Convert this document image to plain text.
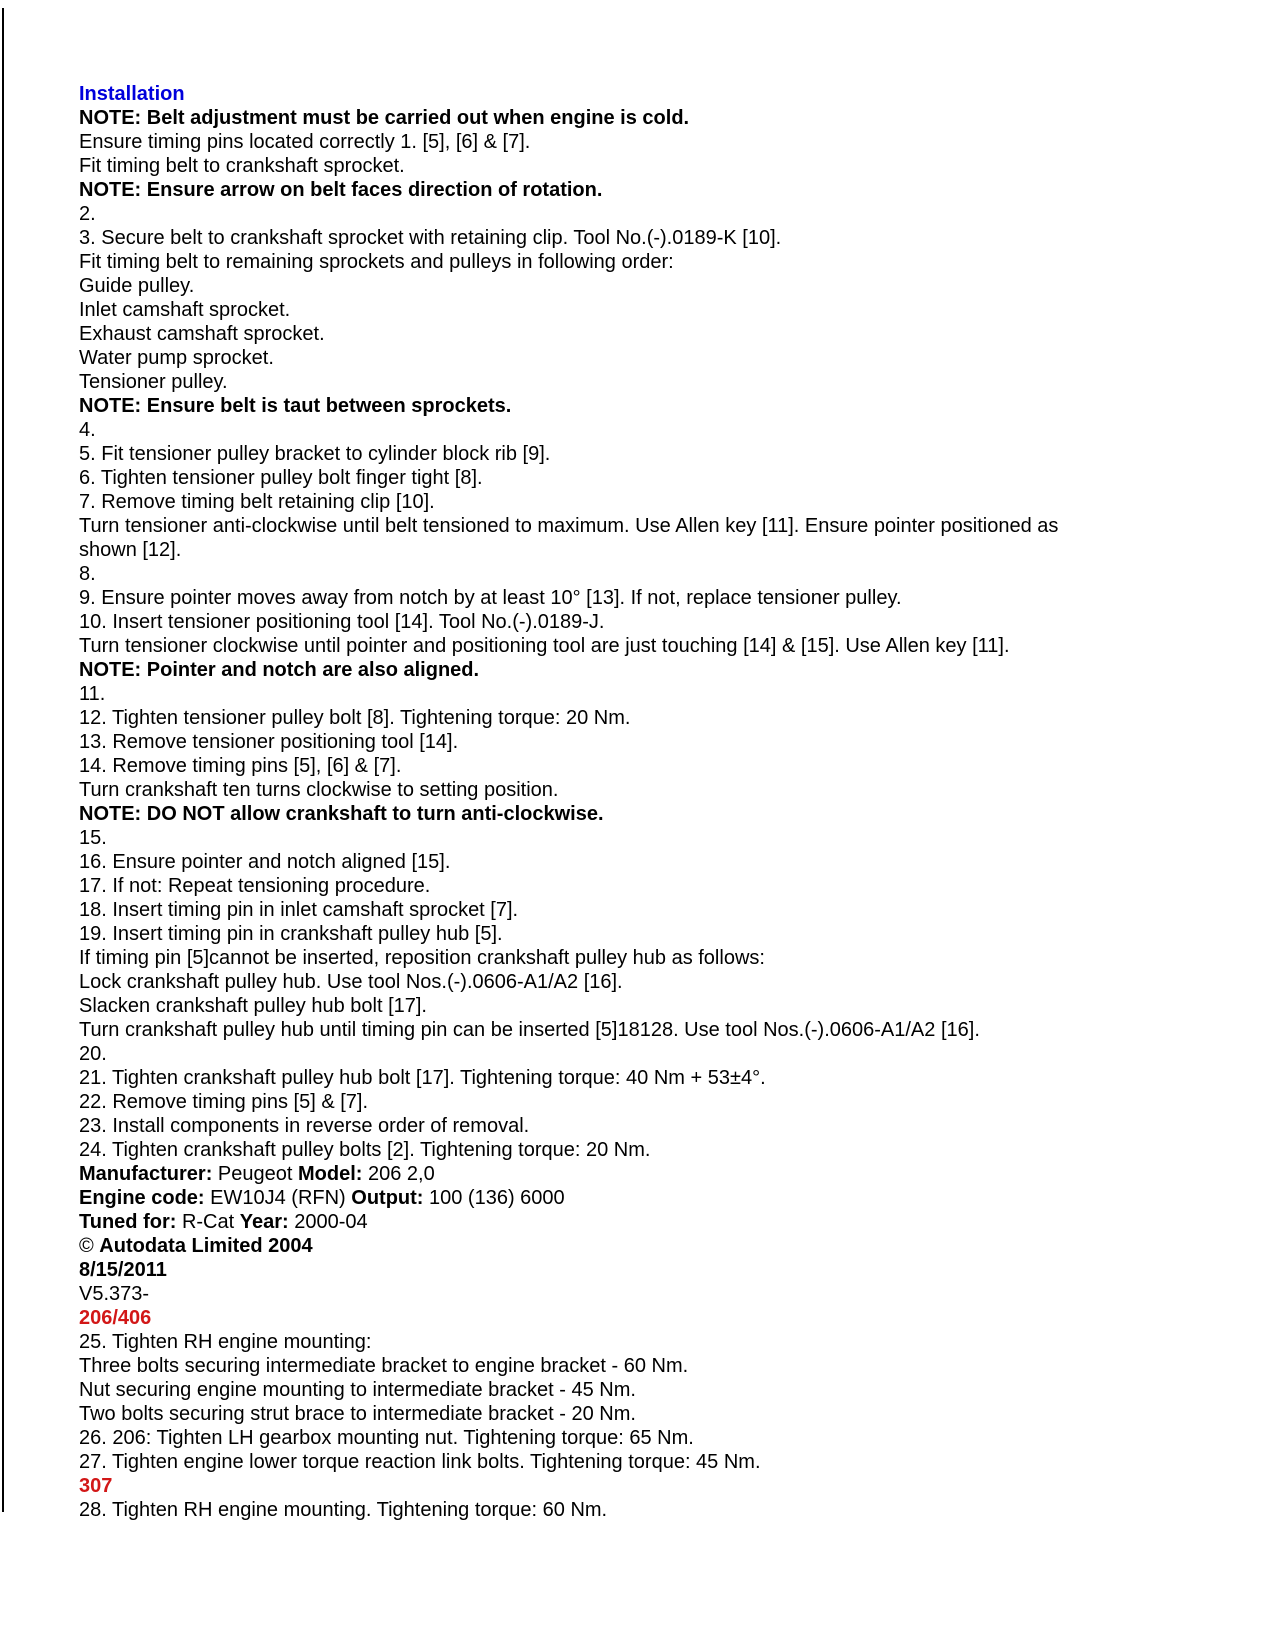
Installation
NOTE: Belt adjustment must be carried out when engine is cold.
Ensure timing pins located correctly 1. [5], [6] & [7].
Fit timing belt to crankshaft sprocket.
NOTE: Ensure arrow on belt faces direction of rotation.
2.
3. Secure belt to crankshaft sprocket with retaining clip. Tool No.(-).0189-K [10].
Fit timing belt to remaining sprockets and pulleys in following order:
Guide pulley.
Inlet camshaft sprocket.
Exhaust camshaft sprocket.
Water pump sprocket.
Tensioner pulley.
NOTE: Ensure belt is taut between sprockets.
4.
5. Fit tensioner pulley bracket to cylinder block rib [9].
6. Tighten tensioner pulley bolt finger tight [8].
7. Remove timing belt retaining clip [10].
Turn tensioner anti-clockwise until belt tensioned to maximum. Use Allen key [11]. Ensure pointer positioned as
shown [12].
8.
9. Ensure pointer moves away from notch by at least 10° [13]. If not, replace tensioner pulley.
10. Insert tensioner positioning tool [14]. Tool No.(-).0189-J.
Turn tensioner clockwise until pointer and positioning tool are just touching [14] & [15]. Use Allen key [11].
NOTE: Pointer and notch are also aligned.
11.
12. Tighten tensioner pulley bolt [8]. Tightening torque: 20 Nm.
13. Remove tensioner positioning tool [14].
14. Remove timing pins [5], [6] & [7].
Turn crankshaft ten turns clockwise to setting position.
NOTE: DO NOT allow crankshaft to turn anti-clockwise.
15.
16. Ensure pointer and notch aligned [15].
17. If not: Repeat tensioning procedure.
18. Insert timing pin in inlet camshaft sprocket [7].
19. Insert timing pin in crankshaft pulley hub [5].
If timing pin [5]cannot be inserted, reposition crankshaft pulley hub as follows:
Lock crankshaft pulley hub. Use tool Nos.(-).0606-A1/A2 [16].
Slacken crankshaft pulley hub bolt [17].
Turn crankshaft pulley hub until timing pin can be inserted [5]18128. Use tool Nos.(-).0606-A1/A2 [16].
20.
21. Tighten crankshaft pulley hub bolt [17]. Tightening torque: 40 Nm + 53±4°.
22. Remove timing pins [5] & [7].
23. Install components in reverse order of removal.
24. Tighten crankshaft pulley bolts [2]. Tightening torque: 20 Nm.
Manufacturer: Peugeot Model: 206 2,0
Engine code: EW10J4 (RFN) Output: 100 (136) 6000
Tuned for: R-Cat Year: 2000-04
© Autodata Limited 2004
8/15/2011
V5.373-
206/406
25. Tighten RH engine mounting:
Three bolts securing intermediate bracket to engine bracket - 60 Nm.
Nut securing engine mounting to intermediate bracket - 45 Nm.
Two bolts securing strut brace to intermediate bracket - 20 Nm.
26. 206: Tighten LH gearbox mounting nut. Tightening torque: 65 Nm.
27. Tighten engine lower torque reaction link bolts. Tightening torque: 45 Nm.
307
28. Tighten RH engine mounting. Tightening torque: 60 Nm.
